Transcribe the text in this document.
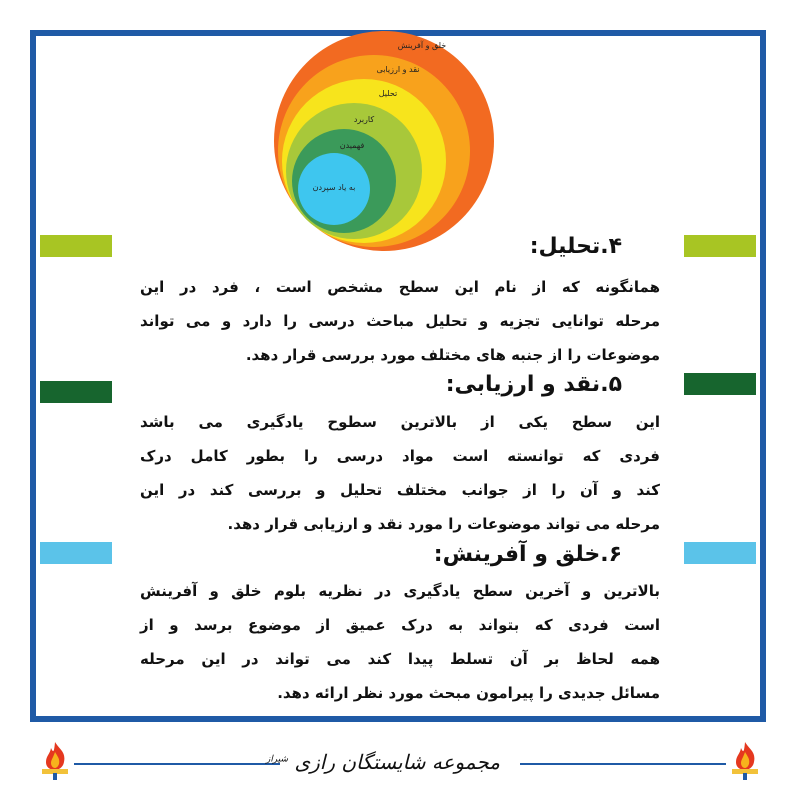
خلق و آفرینش
نقد و ارزیابی
تحلیل
کاربرد
فهمیدن
به یاد سپردن
۴.تحلیل:
همانگونه که از نام این سطح مشخص است ، فرد در این
مرحله توانایی تجزیه و تحلیل مباحث درسی را دارد و می تواند
موضوعات را از جنبه های مختلف مورد بررسی قرار دهد.
۵.نقد و ارزیابی:
این سطح یکی از بالاترین سطوح یادگیری می باشد
فردی که توانسته است مواد درسی را بطور کامل درک
کند و آن را از جوانب مختلف تحلیل و بررسی کند در این
مرحله می تواند موضوعات را مورد نقد و ارزیابی قرار دهد.
۶.خلق و آفرینش:
بالاترین و آخرین سطح یادگیری در نظریه بلوم خلق و آفرینش
است فردی که بتواند به درک عمیق از موضوع برسد و از
همه لحاظ بر آن تسلط پیدا کند می تواند در این مرحله
مسائل جدیدی را پیرامون مبحث مورد نظر ارائه دهد.
مجموعه شایستگان رازی $^{شیراز}$
